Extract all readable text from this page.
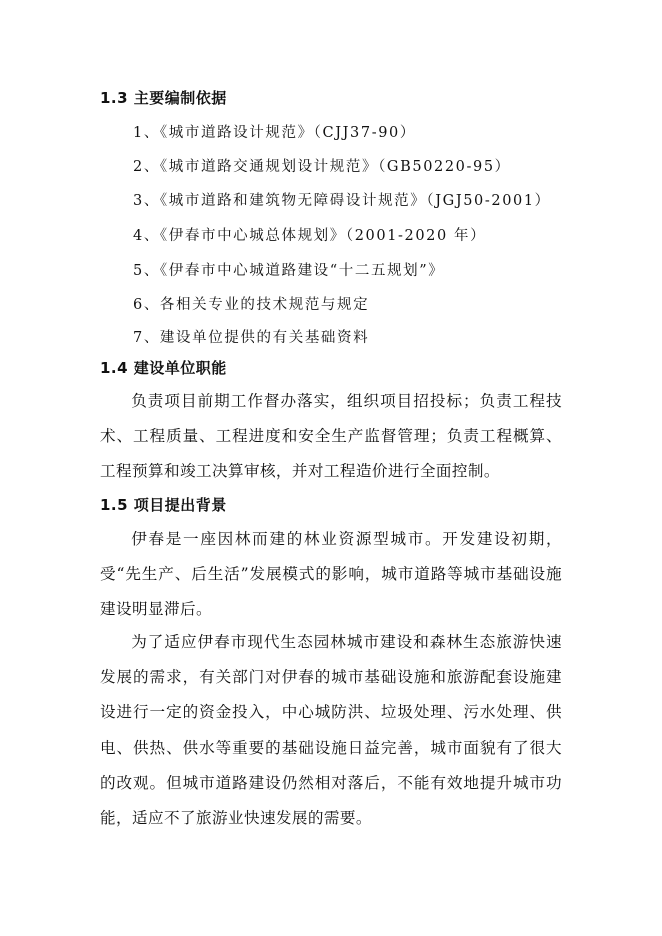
1.3 主要编制依据
1、《城市道路设计规范》（CJJ37-90）
2、《城市道路交通规划设计规范》（GB50220-95）
3、《城市道路和建筑物无障碍设计规范》（JGJ50-2001）
4、《伊春市中心城总体规划》（2001-2020 年）
5、《伊春市中心城道路建设“十二五规划”》
6、各相关专业的技术规范与规定
7、建设单位提供的有关基础资料
1.4 建设单位职能
负责项目前期工作督办落实，组织项目招投标；负责工程技术、工程质量、工程进度和安全生产监督管理；负责工程概算、工程预算和竣工决算审核，并对工程造价进行全面控制。
1.5 项目提出背景
伊春是一座因林而建的林业资源型城市。开发建设初期，受“先生产、后生活”发展模式的影响，城市道路等城市基础设施建设明显滞后。
为了适应伊春市现代生态园林城市建设和森林生态旅游快速发展的需求，有关部门对伊春的城市基础设施和旅游配套设施建设进行一定的资金投入，中心城防洪、垃圾处理、污水处理、供电、供热、供水等重要的基础设施日益完善，城市面貌有了很大的改观。但城市道路建设仍然相对落后，不能有效地提升城市功能，适应不了旅游业快速发展的需要。
